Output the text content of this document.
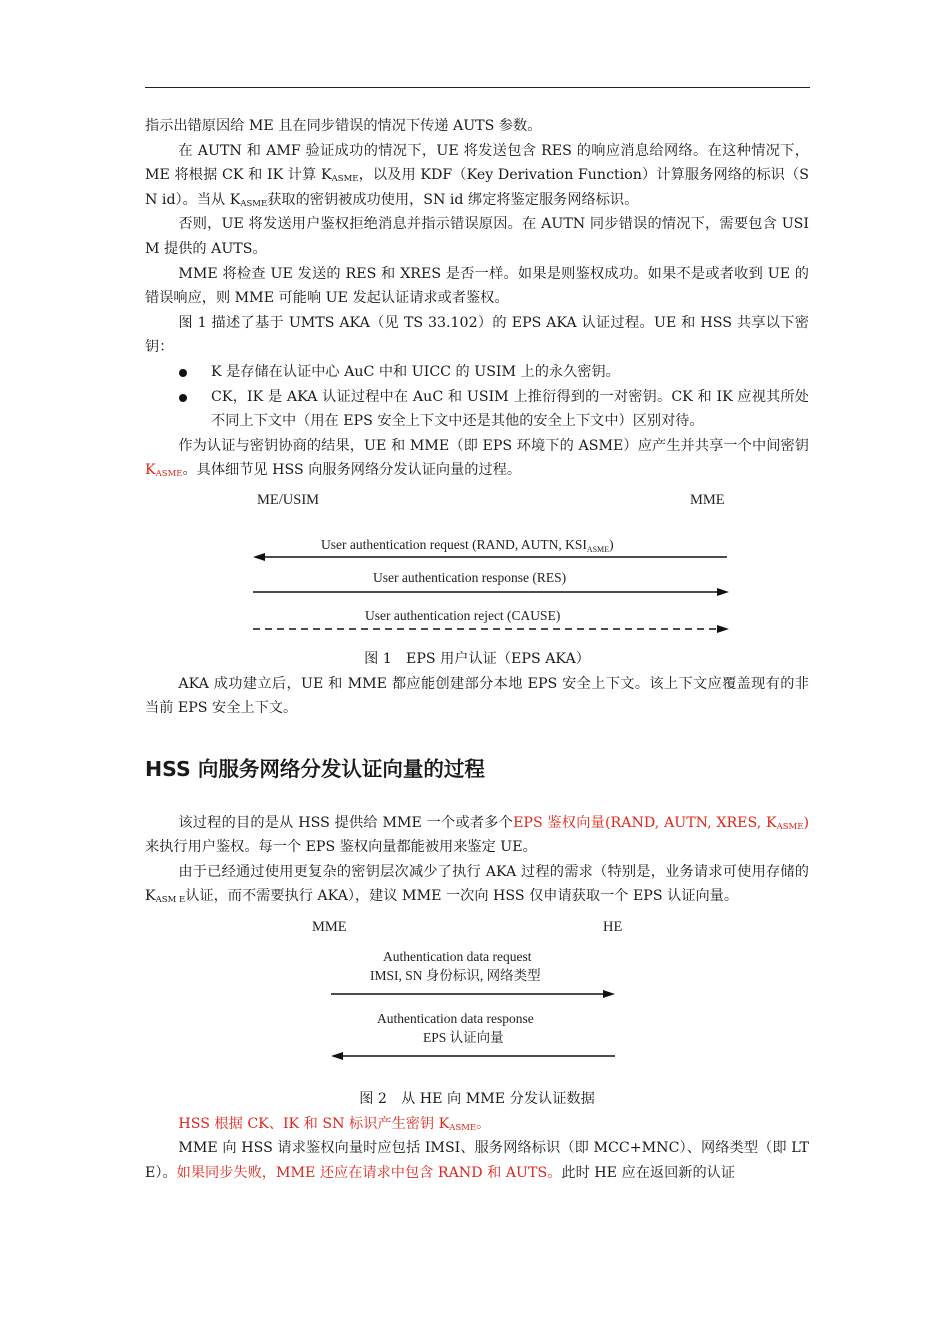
指示出错原因给 ME 且在同步错误的情况下传递 AUTS 参数。

在 AUTN 和 AMF 验证成功的情况下，UE 将发送包含 RES 的响应消息给网络。在这种情况下，ME 将根据 CK 和 IK 计算 $K_{ASME}$，以及用 KDF（Key Derivation Function）计算服务网络的标识（SN id）。当从 $K_{ASME}$获取的密钥被成功使用，SN id 绑定将鉴定服务网络标识。

否则，UE 将发送用户鉴权拒绝消息并指示错误原因。在 AUTN 同步错误的情况下，需要包含 USIM 提供的 AUTS。

MME 将检查 UE 发送的 RES 和 XRES 是否一样。如果是则鉴权成功。如果不是或者收到 UE 的错误响应，则 MME 可能响 UE 发起认证请求或者鉴权。

图 1 描述了基于 UMTS AKA（见 TS 33.102）的 EPS AKA 认证过程。UE 和 HSS 共享以下密钥：

K 是存储在认证中心 AuC 中和 UICC 的 USIM 上的永久密钥。

CK，IK 是 AKA 认证过程中在 AuC 和 USIM 上推衍得到的一对密钥。CK 和 IK 应视其所处不同上下文中（用在 EPS 安全上下文中还是其他的安全上下文中）区别对待。

作为认证与密钥协商的结果，UE 和 MME（即 EPS 环境下的 ASME）应产生并共享一个中间密钥 $K_{ASME}$。具体细节见 HSS 向服务网络分发认证向量的过程。

ME/USIM	MME
User authentication request (RAND, AUTN, $KSI_{ASME}$)
User authentication response (RES)
User authentication reject (CAUSE)

图 1　EPS 用户认证（EPS AKA）

AKA 成功建立后，UE 和 MME 都应能创建部分本地 EPS 安全上下文。该上下文应覆盖现有的非当前 EPS 安全上下文。

HSS 向服务网络分发认证向量的过程

该过程的目的是从 HSS 提供给 MME 一个或者多个EPS 鉴权向量(RAND, AUTN, XRES, $K_{ASME}$)来执行用户鉴权。每一个 EPS 鉴权向量都能被用来鉴定 UE。

由于已经通过使用更复杂的密钥层次减少了执行 AKA 过程的需求（特别是，业务请求可使用存储的 $K_{ASM E}$认证，而不需要执行 AKA），建议 MME 一次向 HSS 仅申请获取一个 EPS 认证向量。

MME	HE
Authentication data request
IMSI, SN 身份标识, 网络类型
Authentication data response
EPS 认证向量

图 2　从 HE 向 MME 分发认证数据

HSS 根据 CK、IK 和 SN 标识产生密钥 $K_{ASME}$。

MME 向 HSS 请求鉴权向量时应包括 IMSI、服务网络标识（即 MCC+MNC）、网络类型（即 LTE）。如果同步失败，MME 还应在请求中包含 RAND 和 AUTS。此时 HE 应在返回新的认证
